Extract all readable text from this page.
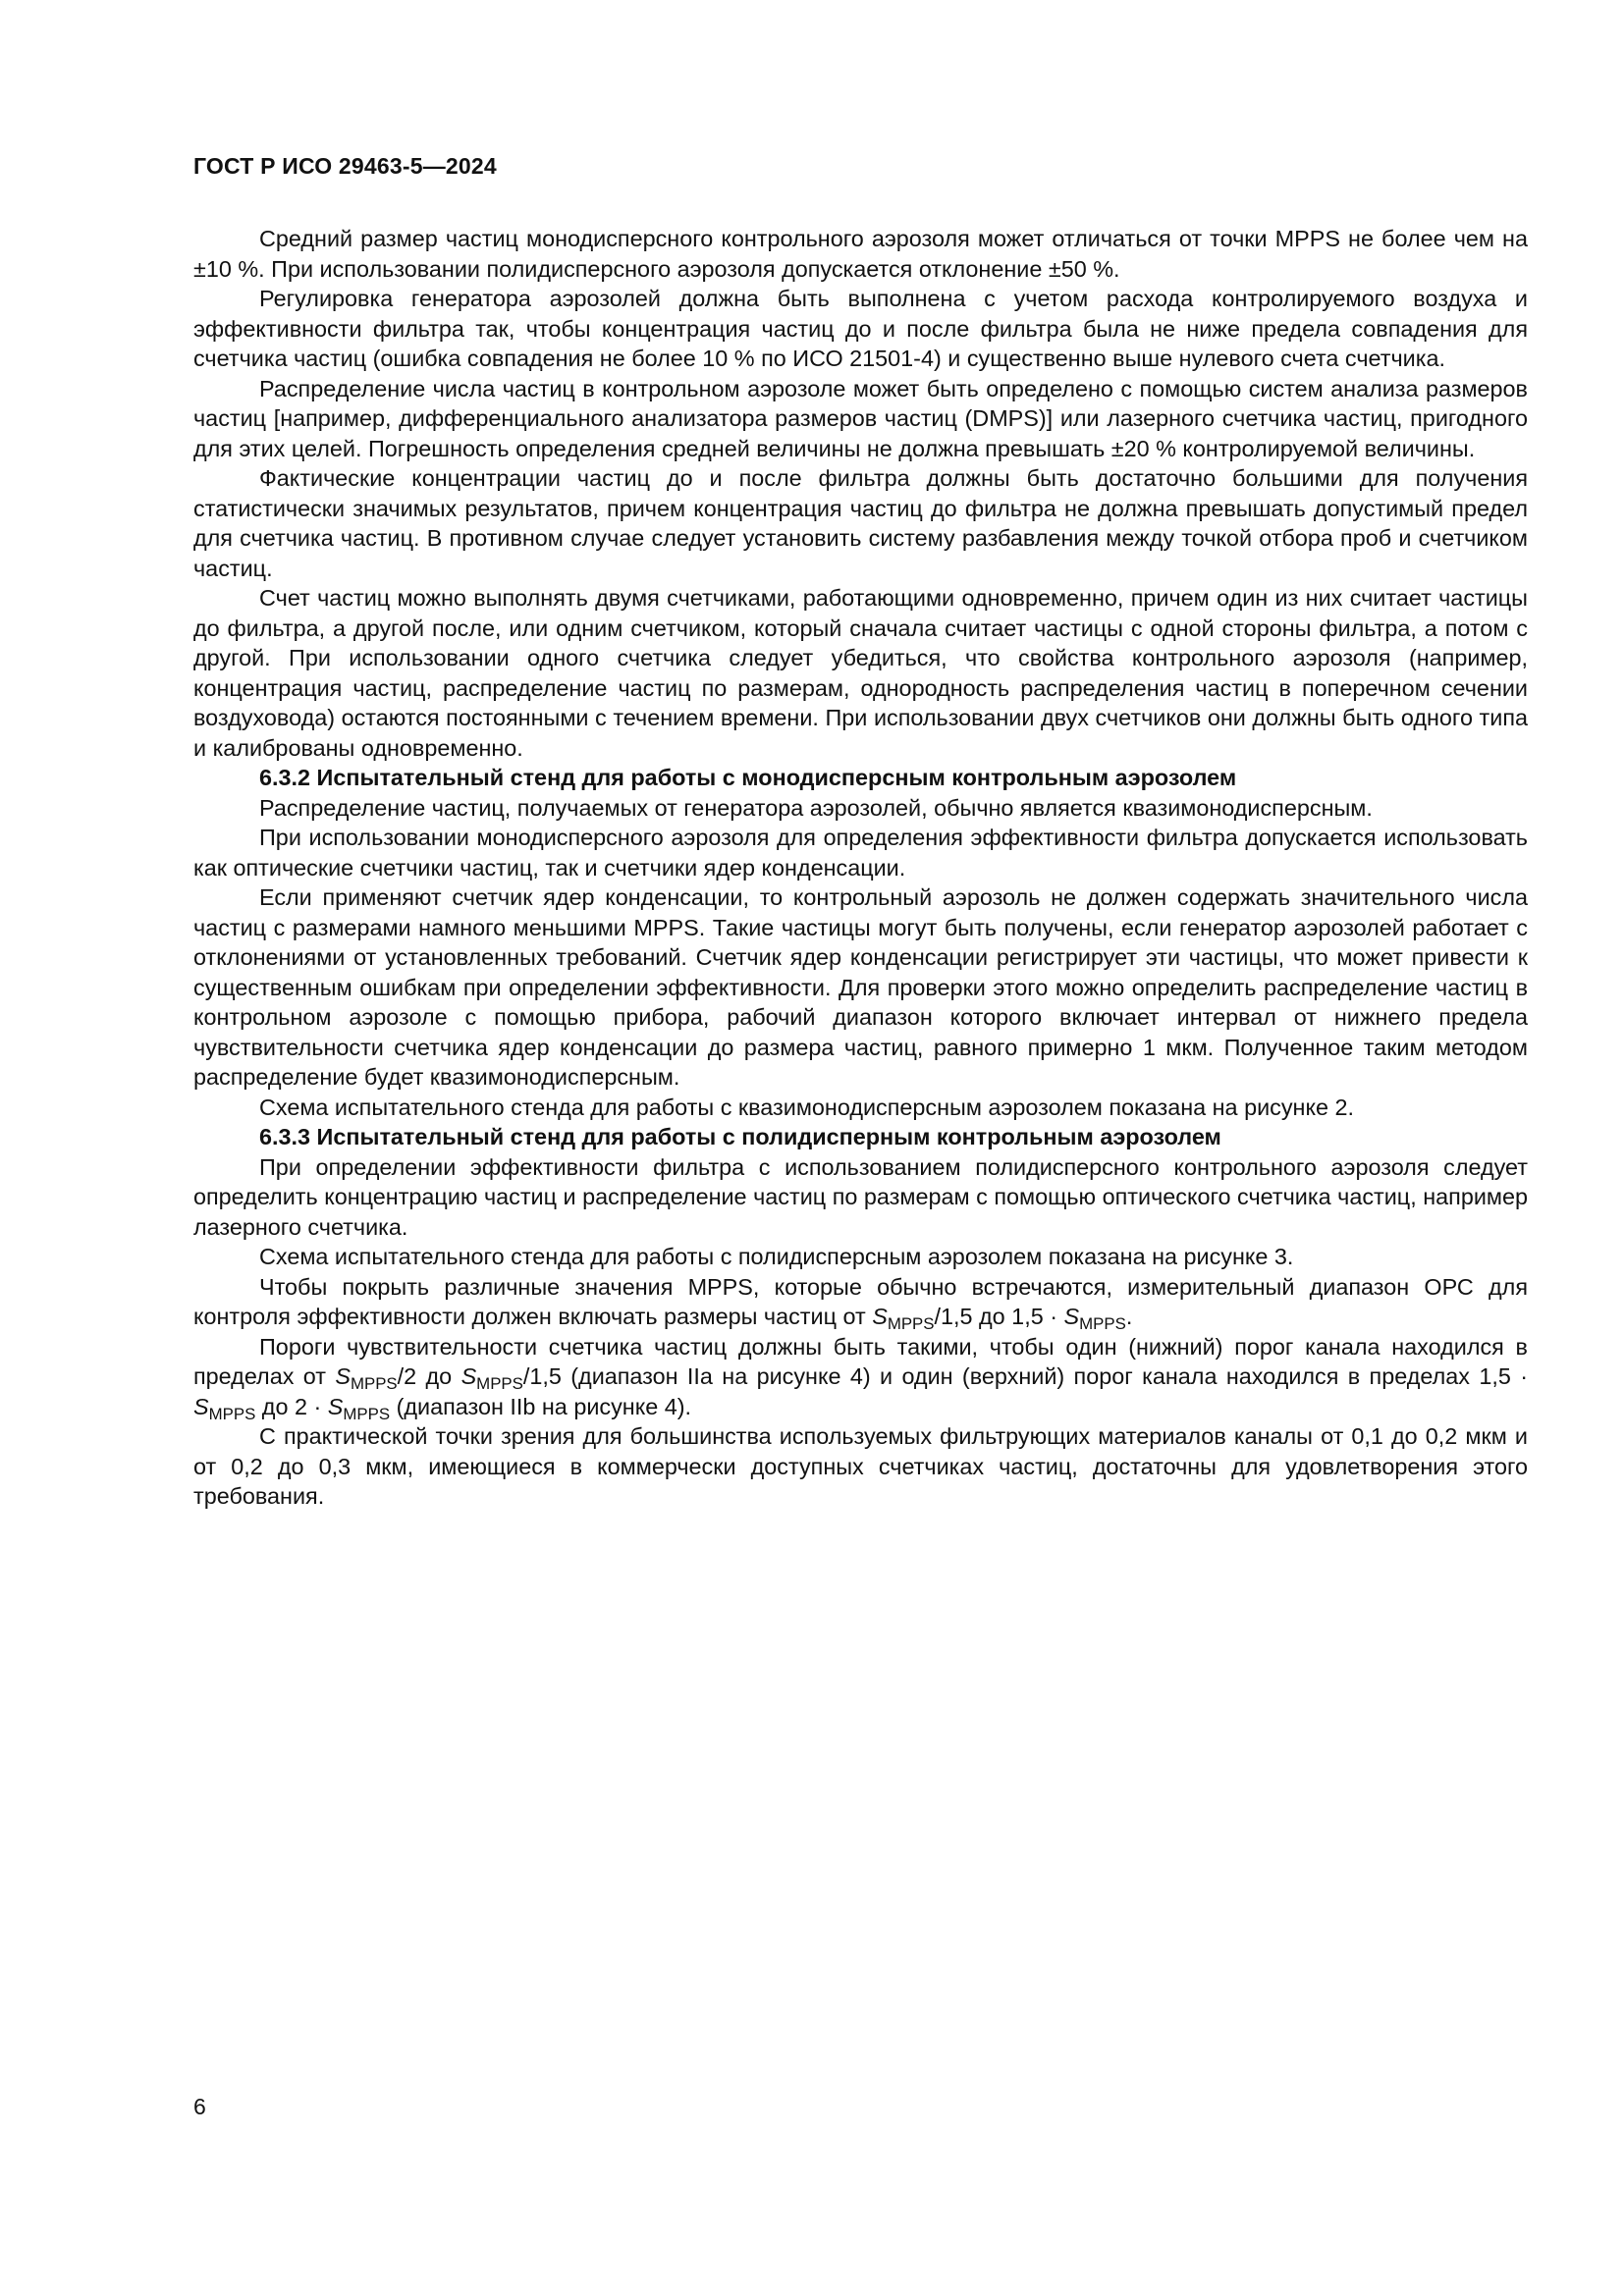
ГОСТ Р ИСО 29463-5—2024

Средний размер частиц монодисперсного контрольного аэрозоля может отличаться от точки MPPS не более чем на ±10 %. При использовании полидисперсного аэрозоля допускается отклонение ±50 %.

Регулировка генератора аэрозолей должна быть выполнена с учетом расхода контролируемого воздуха и эффективности фильтра так, чтобы концентрация частиц до и после фильтра была не ниже предела совпадения для счетчика частиц (ошибка совпадения не более 10 % по ИСО 21501-4) и существенно выше нулевого счета счетчика.

Распределение числа частиц в контрольном аэрозоле может быть определено с помощью систем анализа размеров частиц [например, дифференциального анализатора размеров частиц (DMPS)] или лазерного счетчика частиц, пригодного для этих целей. Погрешность определения средней величины не должна превышать ±20 % контролируемой величины.

Фактические концентрации частиц до и после фильтра должны быть достаточно большими для получения статистически значимых результатов, причем концентрация частиц до фильтра не должна превышать допустимый предел для счетчика частиц. В противном случае следует установить систему разбавления между точкой отбора проб и счетчиком частиц.

Счет частиц можно выполнять двумя счетчиками, работающими одновременно, причем один из них считает частицы до фильтра, а другой после, или одним счетчиком, который сначала считает частицы с одной стороны фильтра, а потом с другой. При использовании одного счетчика следует убедиться, что свойства контрольного аэрозоля (например, концентрация частиц, распределение частиц по размерам, однородность распределения частиц в поперечном сечении воздуховода) остаются постоянными с течением времени. При использовании двух счетчиков они должны быть одного типа и калиброваны одновременно.

6.3.2 Испытательный стенд для работы с монодисперсным контрольным аэрозолем

Распределение частиц, получаемых от генератора аэрозолей, обычно является квазимонодисперсным.

При использовании монодисперсного аэрозоля для определения эффективности фильтра допускается использовать как оптические счетчики частиц, так и счетчики ядер конденсации.

Если применяют счетчик ядер конденсации, то контрольный аэрозоль не должен содержать значительного числа частиц с размерами намного меньшими MPPS. Такие частицы могут быть получены, если генератор аэрозолей работает с отклонениями от установленных требований. Счетчик ядер конденсации регистрирует эти частицы, что может привести к существенным ошибкам при определении эффективности. Для проверки этого можно определить распределение частиц в контрольном аэрозоле с помощью прибора, рабочий диапазон которого включает интервал от нижнего предела чувствительности счетчика ядер конденсации до размера частиц, равного примерно 1 мкм. Полученное таким методом распределение будет квазимонодисперсным.

Схема испытательного стенда для работы с квазимонодисперсным аэрозолем показана на рисунке 2.

6.3.3 Испытательный стенд для работы с полидисперным контрольным аэрозолем

При определении эффективности фильтра с использованием полидисперсного контрольного аэрозоля следует определить концентрацию частиц и распределение частиц по размерам с помощью оптического счетчика частиц, например лазерного счетчика.

Схема испытательного стенда для работы с полидисперсным аэрозолем показана на рисунке 3.

Чтобы покрыть различные значения MPPS, которые обычно встречаются, измерительный диапазон ОРС для контроля эффективности должен включать размеры частиц от $S_{MPPS}/1,5$ до $1,5 \cdot S_{MPPS}$.

Пороги чувствительности счетчика частиц должны быть такими, чтобы один (нижний) порог канала находился в пределах от $S_{MPPS}/2$ до $S_{MPPS}/1,5$ (диапазон IIa на рисунке 4) и один (верхний) порог канала находился в пределах $1,5 \cdot S_{MPPS}$ до $2 \cdot S_{MPPS}$ (диапазон IIb на рисунке 4).

С практической точки зрения для большинства используемых фильтрующих материалов каналы от 0,1 до 0,2 мкм и от 0,2 до 0,3 мкм, имеющиеся в коммерчески доступных счетчиках частиц, достаточны для удовлетворения этого требования.

6
